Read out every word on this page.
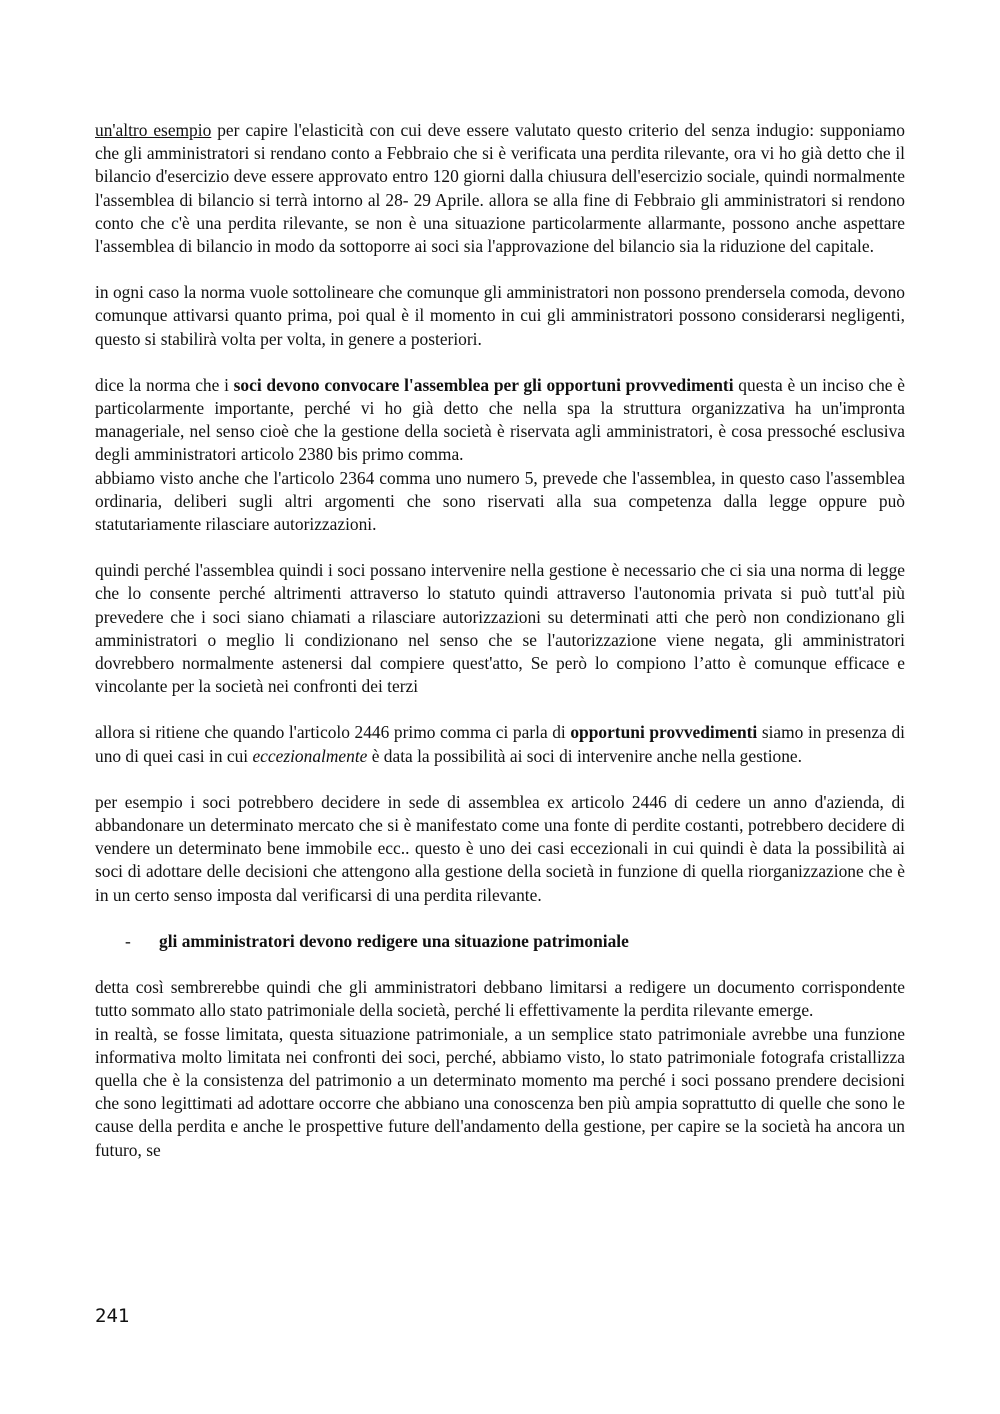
un'altro esempio per capire l'elasticità con cui deve essere valutato questo criterio del senza indugio: supponiamo che gli amministratori si rendano conto a Febbraio che si è verificata una perdita rilevante, ora vi ho già detto che il bilancio d'esercizio deve essere approvato entro 120 giorni dalla chiusura dell'esercizio sociale, quindi normalmente l'assemblea di bilancio si terrà intorno al 28- 29 Aprile. allora se alla fine di Febbraio gli amministratori si rendono conto che c'è una perdita rilevante, se non è una situazione particolarmente allarmante, possono anche aspettare l'assemblea di bilancio in modo da sottoporre ai soci sia l'approvazione del bilancio sia la riduzione del capitale.

in ogni caso la norma vuole sottolineare che comunque gli amministratori non possono prendersela comoda, devono comunque attivarsi quanto prima, poi qual è il momento in cui gli amministratori possono considerarsi negligenti, questo si stabilirà volta per volta, in genere a posteriori.

dice la norma che i soci devono convocare l'assemblea per gli opportuni provvedimenti questa è un inciso che è particolarmente importante, perché vi ho già detto che nella spa la struttura organizzativa ha un'impronta manageriale, nel senso cioè che la gestione della società è riservata agli amministratori, è cosa pressoché esclusiva degli amministratori articolo 2380 bis primo comma.

abbiamo visto anche che l'articolo 2364 comma uno numero 5, prevede che l'assemblea, in questo caso l'assemblea ordinaria, deliberi sugli altri argomenti che sono riservati alla sua competenza dalla legge oppure può statutariamente rilasciare autorizzazioni.

quindi perché l'assemblea quindi i soci possano intervenire nella gestione è necessario che ci sia una norma di legge che lo consente perché altrimenti attraverso lo statuto quindi attraverso l'autonomia privata si può tutt'al più prevedere che i soci siano chiamati a rilasciare autorizzazioni su determinati atti che però non condizionano gli amministratori o meglio li condizionano nel senso che se l'autorizzazione viene negata, gli amministratori dovrebbero normalmente astenersi dal compiere quest'atto, Se però lo compiono l’atto è comunque efficace e vincolante per la società nei confronti dei terzi

allora si ritiene che quando l'articolo 2446 primo comma ci parla di opportuni provvedimenti siamo in presenza di uno di quei casi in cui eccezionalmente è data la possibilità ai soci di intervenire anche nella gestione.

per esempio i soci potrebbero decidere in sede di assemblea ex articolo 2446 di cedere un anno d'azienda, di abbandonare un determinato mercato che si è manifestato come una fonte di perdite costanti, potrebbero decidere di vendere un determinato bene immobile ecc.. questo è uno dei casi eccezionali in cui quindi è data la possibilità ai soci di adottare delle decisioni che attengono alla gestione della società in funzione di quella riorganizzazione che è in un certo senso imposta dal verificarsi di una perdita rilevante.

-	gli amministratori devono redigere una situazione patrimoniale

detta così sembrerebbe quindi che gli amministratori debbano limitarsi a redigere un documento corrispondente tutto sommato allo stato patrimoniale della società, perché li effettivamente la perdita rilevante emerge.

in realtà, se fosse limitata, questa situazione patrimoniale, a un semplice stato patrimoniale avrebbe una funzione informativa molto limitata nei confronti dei soci, perché, abbiamo visto, lo stato patrimoniale fotografa cristallizza quella che è la consistenza del patrimonio a un determinato momento ma perché i soci possano prendere decisioni che sono legittimati ad adottare occorre che abbiano una conoscenza ben più ampia soprattutto di quelle che sono le cause della perdita e anche le prospettive future dell'andamento della gestione, per capire se la società ha ancora un futuro, se

241
